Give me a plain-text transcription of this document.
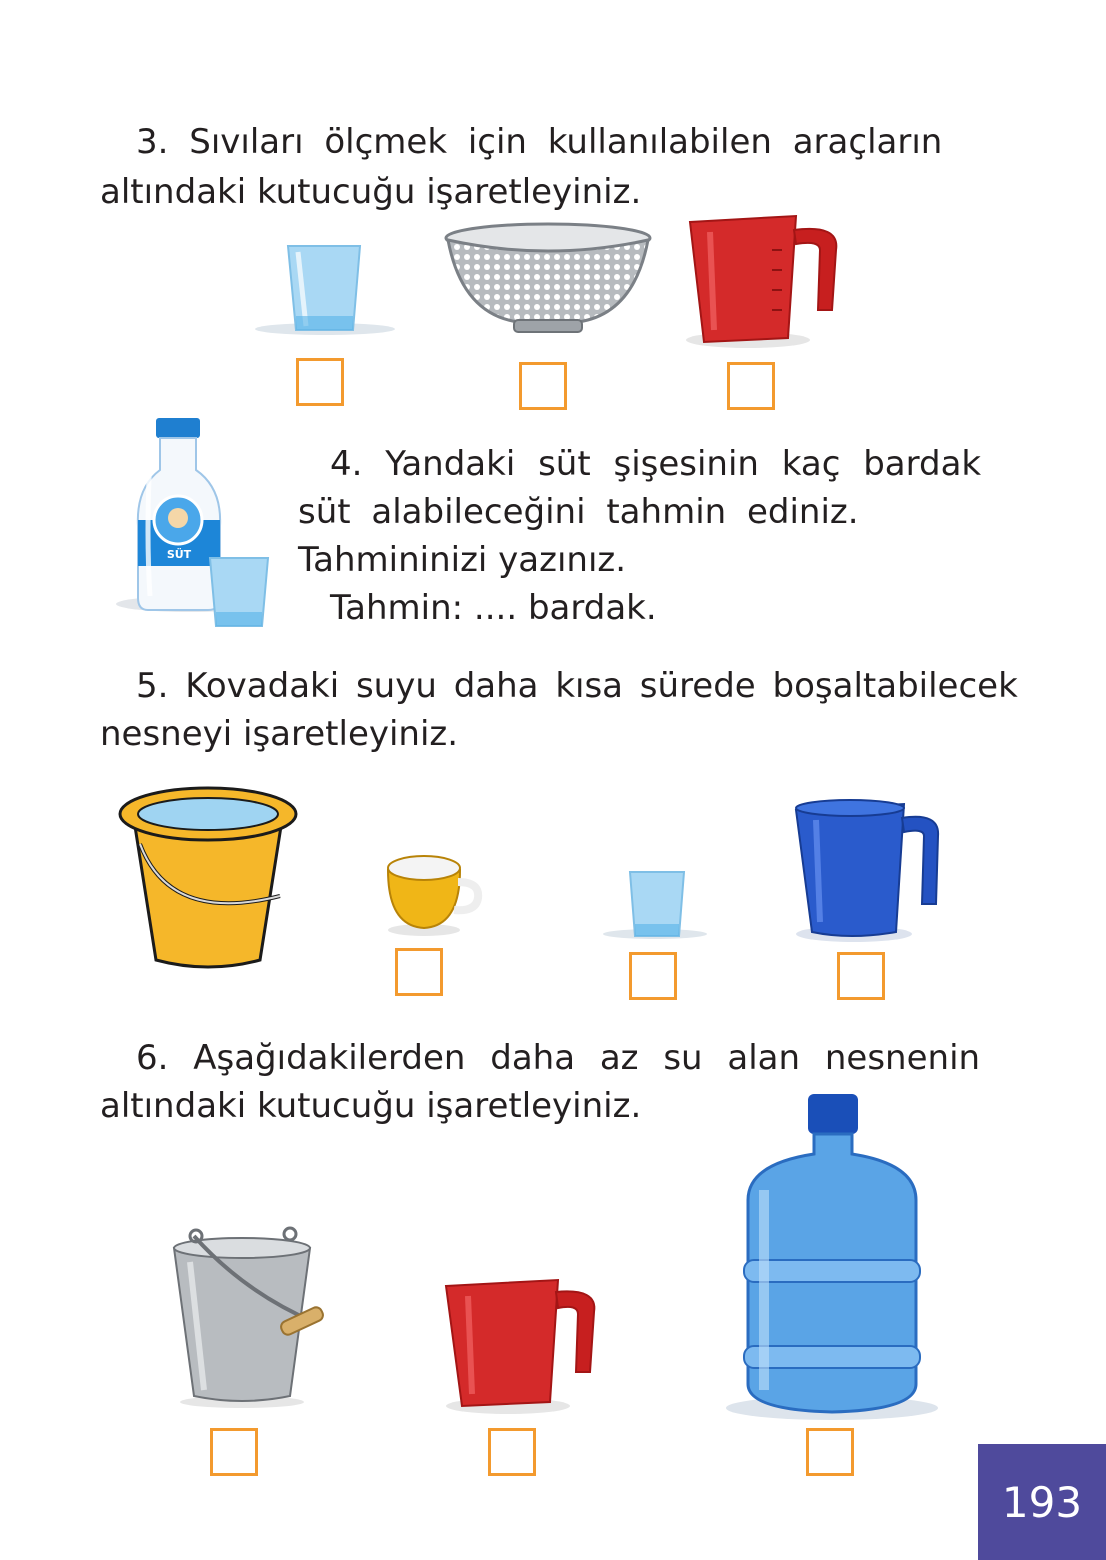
3. Sıvıları ölçmek için kullanılabilen araçların
altındaki kutucuğu işaretleyiniz.
SÜT
4. Yandaki süt şişesinin kaç bardak
süt alabileceğini tahmin ediniz.
Tahmininizi yazınız.
Tahmin: .... bardak.
5. Kovadaki suyu daha kısa sürede boşaltabilecek
nesneyi işaretleyiniz.
6. Aşağıdakilerden daha az su alan nesnenin
altındaki kutucuğu işaretleyiniz.
193
